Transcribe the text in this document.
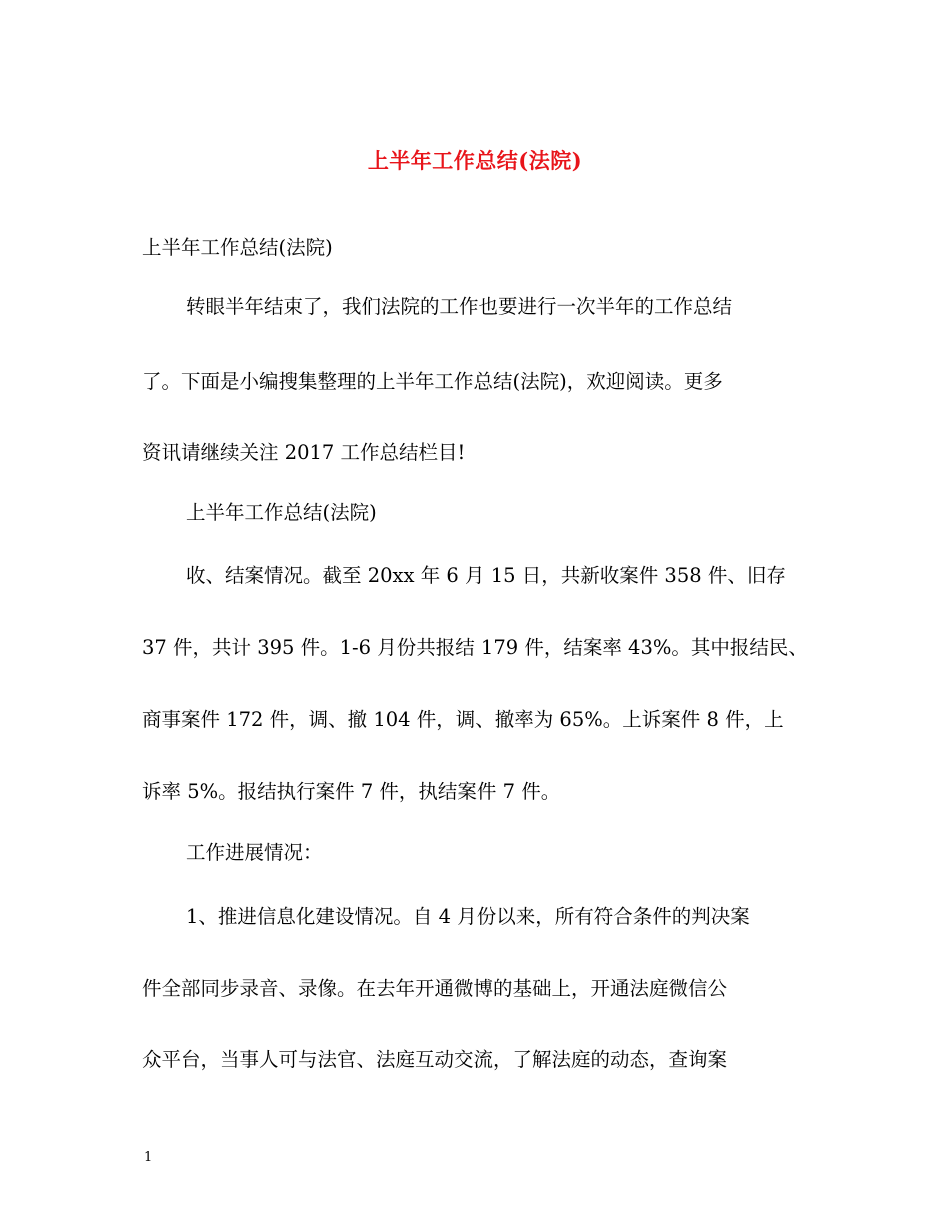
上半年工作总结(法院)
上半年工作总结(法院)
转眼半年结束了，我们法院的工作也要进行一次半年的工作总结
了。下面是小编搜集整理的上半年工作总结(法院)，欢迎阅读。更多
资讯请继续关注 2017 工作总结栏目!
上半年工作总结(法院)
收、结案情况。截至 20xx 年 6 月 15 日，共新收案件 358 件、旧存
37 件，共计 395 件。1-6 月份共报结 179 件，结案率 43%。其中报结民、
商事案件 172 件，调、撤 104 件，调、撤率为 65%。上诉案件 8 件，上
诉率 5%。报结执行案件 7 件，执结案件 7 件。
工作进展情况：
1、推进信息化建设情况。自 4 月份以来，所有符合条件的判决案
件全部同步录音、录像。在去年开通微博的基础上，开通法庭微信公
众平台，当事人可与法官、法庭互动交流，了解法庭的动态，查询案
1
